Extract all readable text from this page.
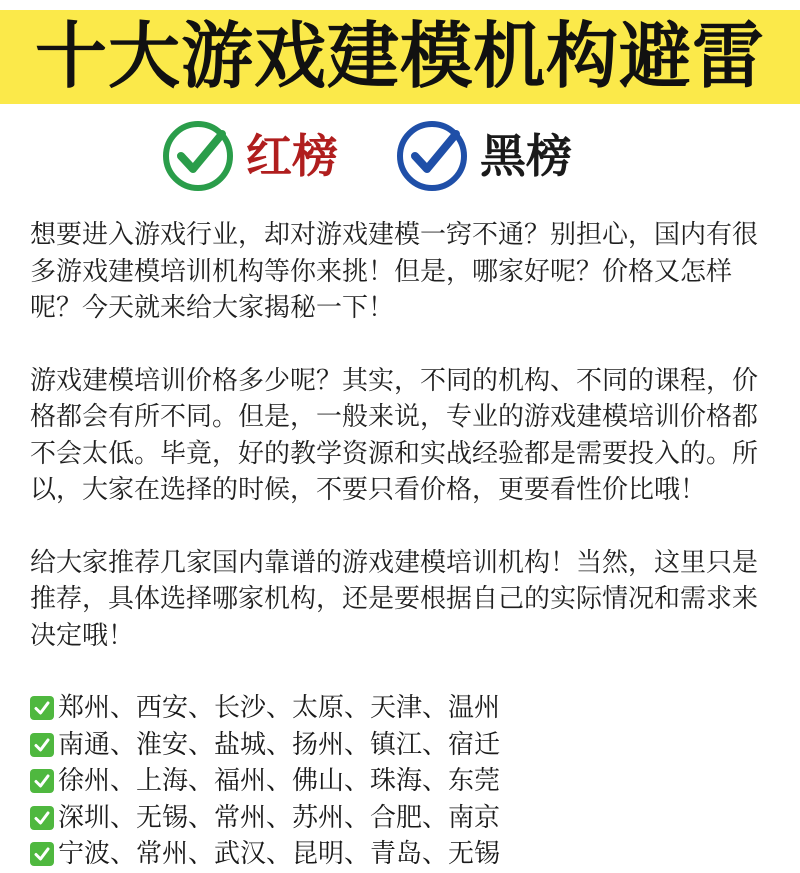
十大游戏建模机构避雷
红榜	黑榜

想要进入游戏行业，却对游戏建模一窍不通？别担心，国内有很
多游戏建模培训机构等你来挑！但是，哪家好呢？价格又怎样
呢？今天就来给大家揭秘一下！

游戏建模培训价格多少呢？其实，不同的机构、不同的课程，价
格都会有所不同。但是，一般来说，专业的游戏建模培训价格都
不会太低。毕竟，好的教学资源和实战经验都是需要投入的。所
以，大家在选择的时候，不要只看价格，更要看性价比哦！

给大家推荐几家国内靠谱的游戏建模培训机构！当然，这里只是
推荐，具体选择哪家机构，还是要根据自己的实际情况和需求来
决定哦！

郑州、西安、长沙、太原、天津、温州
南通、淮安、盐城、扬州、镇江、宿迁
徐州、上海、福州、佛山、珠海、东莞
深圳、无锡、常州、苏州、合肥、南京
宁波、常州、武汉、昆明、青岛、无锡
